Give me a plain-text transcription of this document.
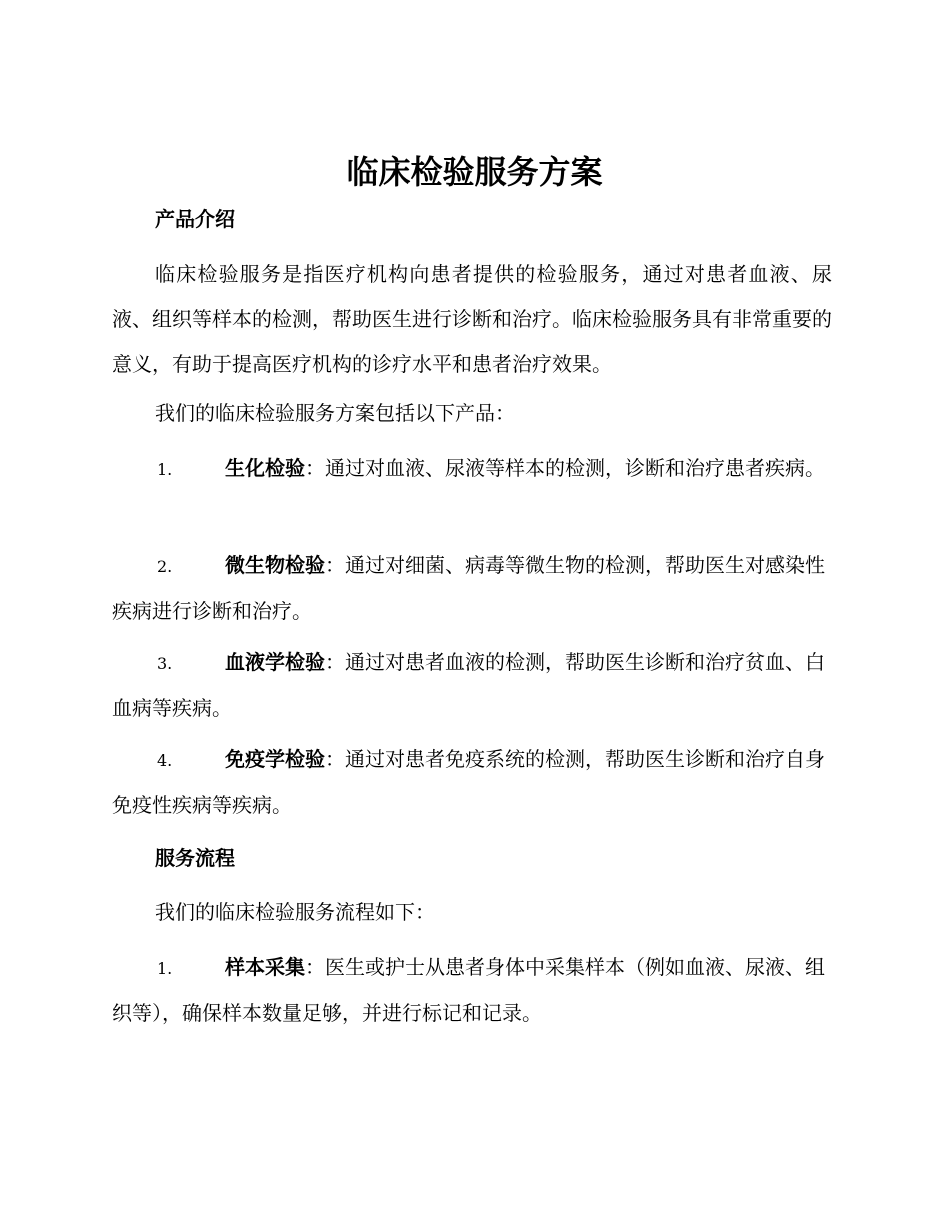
临床检验服务方案
产品介绍

临床检验服务是指医疗机构向患者提供的检验服务，通过对患者血液、尿液、组织等样本的检测，帮助医生进行诊断和治疗。临床检验服务具有非常重要的意义，有助于提高医疗机构的诊疗水平和患者治疗效果。

我们的临床检验服务方案包括以下产品：

1.	生化检验：通过对血液、尿液等样本的检测，诊断和治疗患者疾病。

2.	微生物检验：通过对细菌、病毒等微生物的检测，帮助医生对感染性疾病进行诊断和治疗。

3.	血液学检验：通过对患者血液的检测，帮助医生诊断和治疗贫血、白血病等疾病。

4.	免疫学检验：通过对患者免疫系统的检测，帮助医生诊断和治疗自身免疫性疾病等疾病。

服务流程

我们的临床检验服务流程如下：

1.	样本采集：医生或护士从患者身体中采集样本（例如血液、尿液、组织等），确保样本数量足够，并进行标记和记录。
